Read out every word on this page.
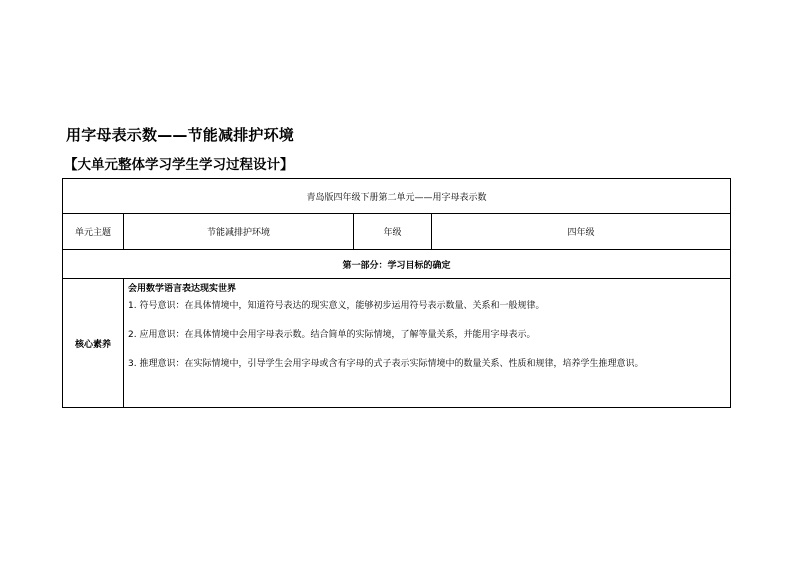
用字母表示数——节能减排护环境
【大单元整体学习学生学习过程设计】
青岛版四年级下册第二单元——用字母表示数			
单元主题	节能减排护环境	年级	四年级
第一部分：学习目标的确定			
核心素养	会用数学语言表达现实世界

1. 符号意识：在具体情境中，知道符号表达的现实意义，能够初步运用符号表示数量、关系和一般规律。

2. 应用意识：在具体情境中会用字母表示数。结合简单的实际情境，了解等量关系，并能用字母表示。

3. 推理意识：在实际情境中，引导学生会用字母或含有字母的式子表示实际情境中的数量关系、性质和规律，培养学生推理意识。		
